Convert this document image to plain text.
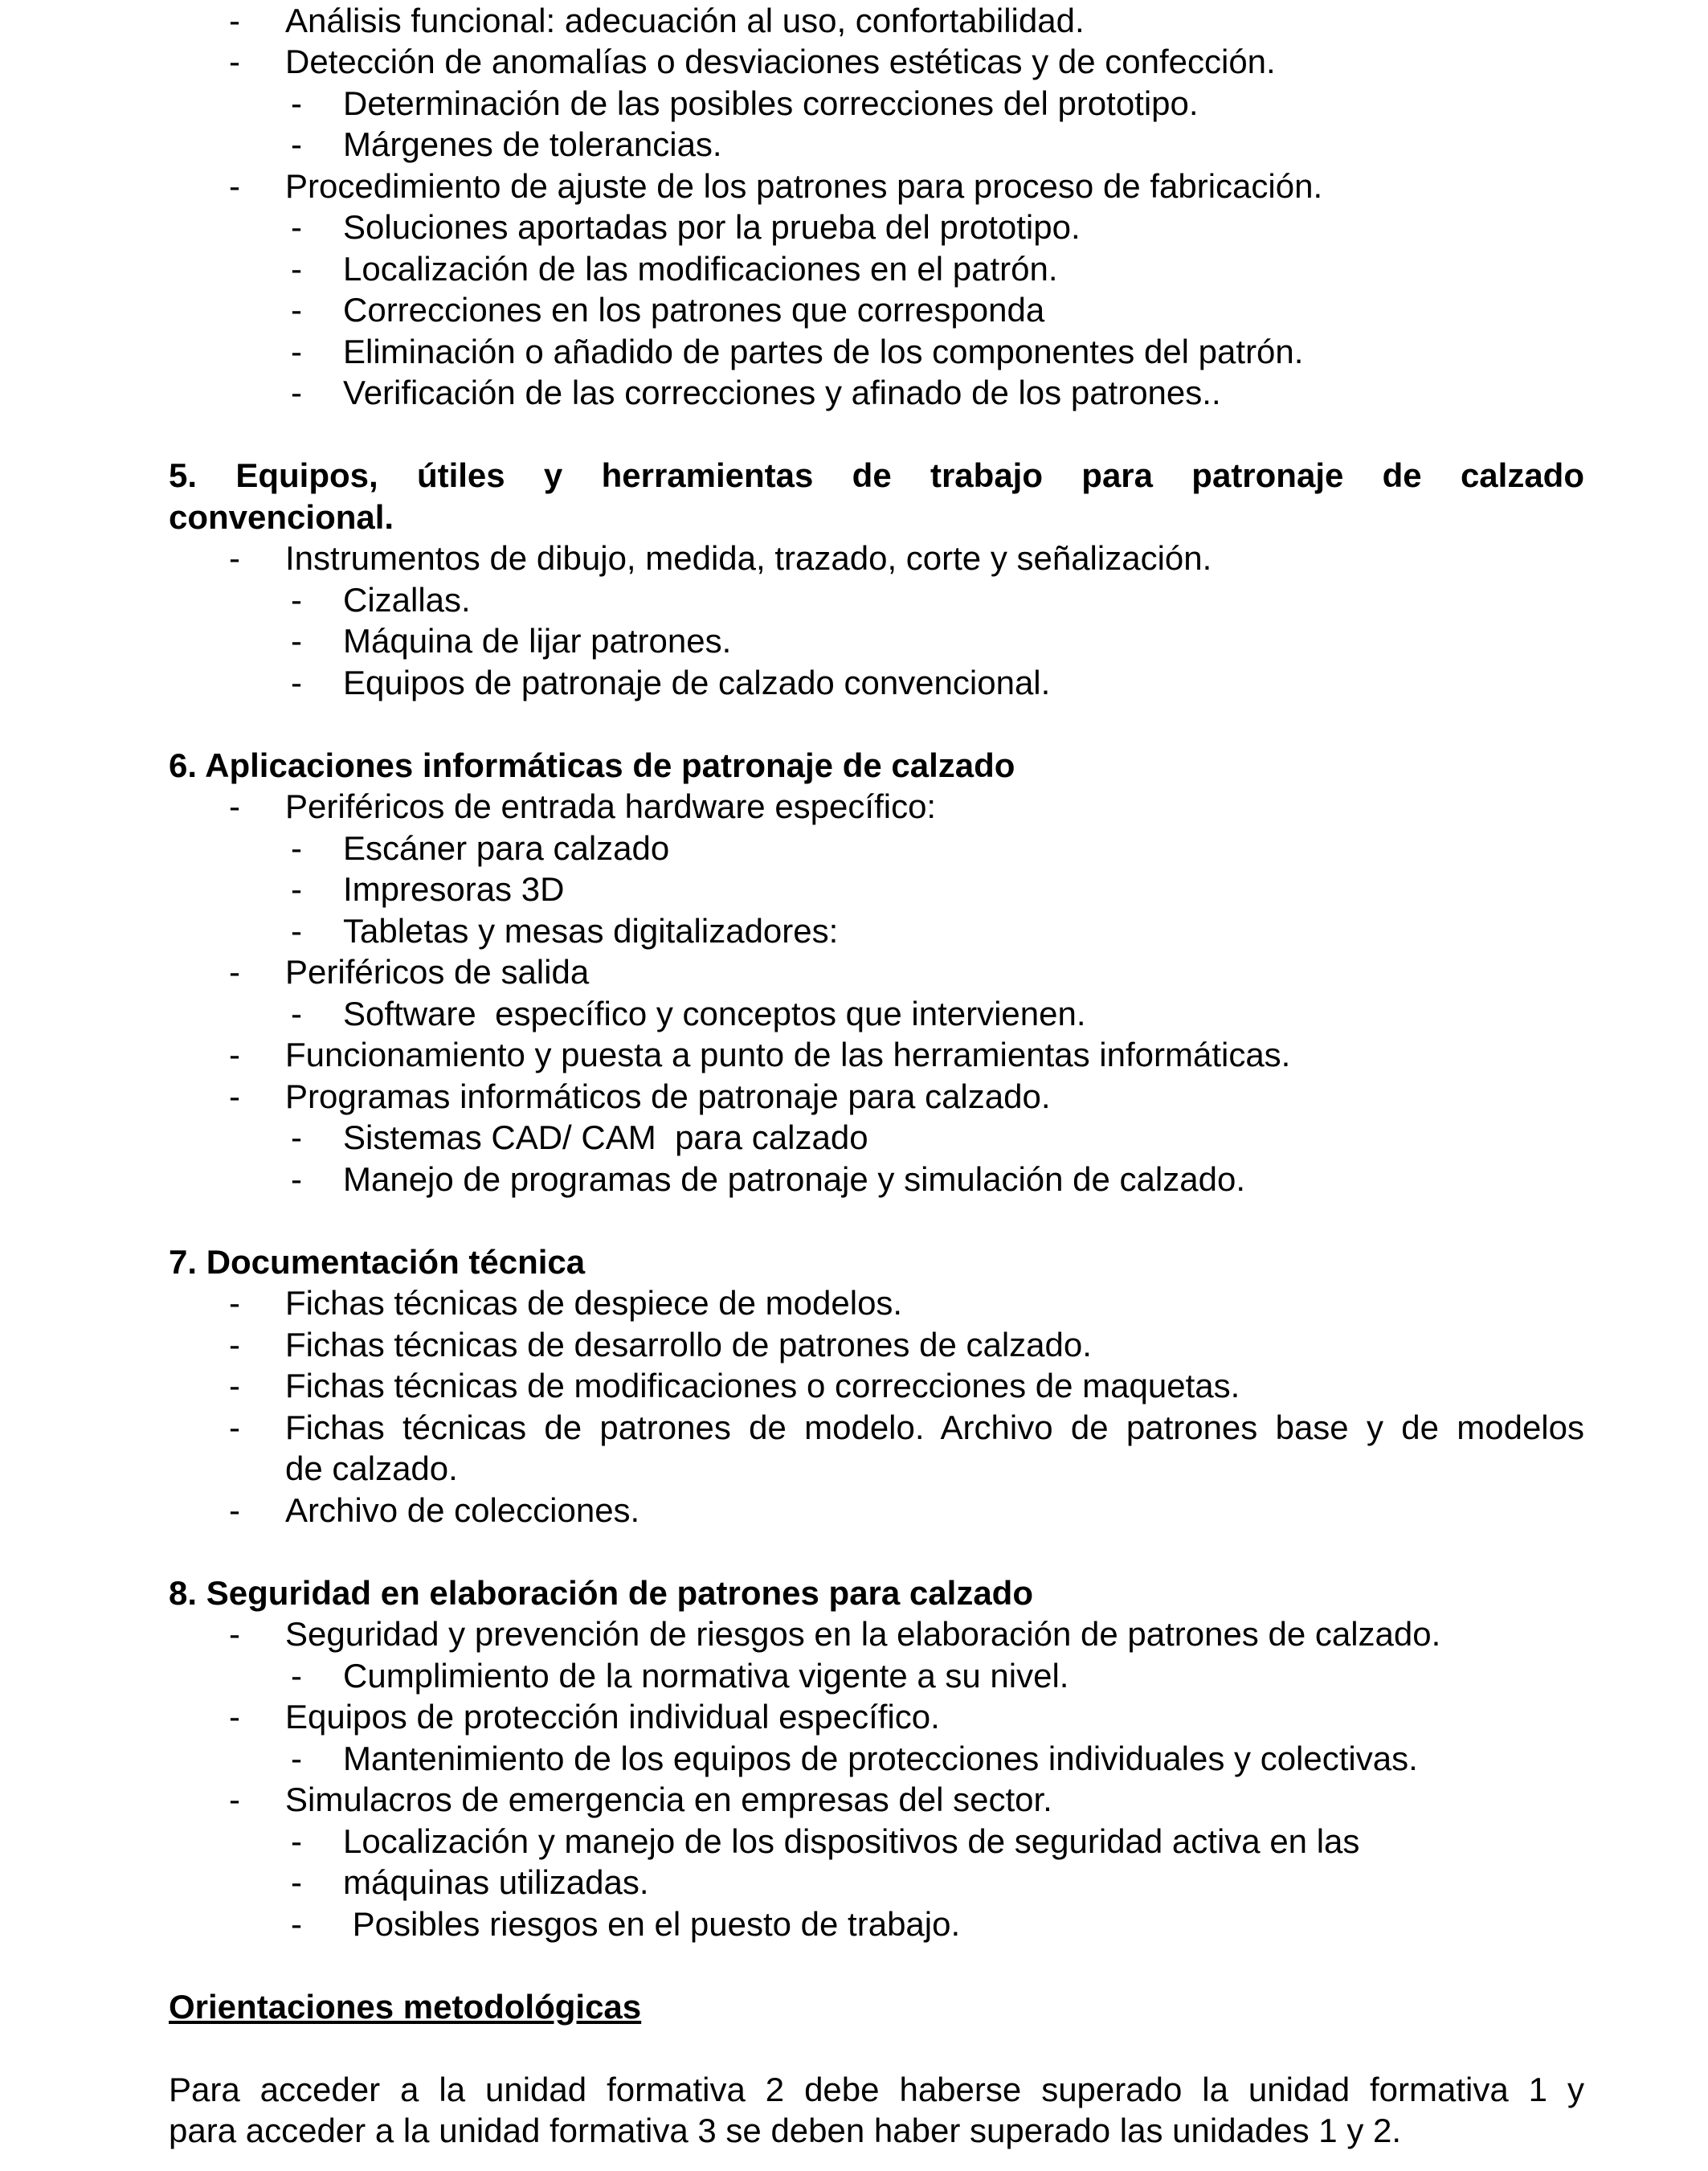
- Análisis funcional: adecuación al uso, confortabilidad.
- Detección de anomalías o desviaciones estéticas y de confección.
- Determinación de las posibles correcciones del prototipo.
- Márgenes de tolerancias.
- Procedimiento de ajuste de los patrones para proceso de fabricación.
- Soluciones aportadas por la prueba del prototipo.
- Localización de las modificaciones en el patrón.
- Correcciones en los patrones que corresponda
- Eliminación o añadido de partes de los componentes del patrón.
- Verificación de las correcciones y afinado de los patrones..
5. Equipos, útiles y herramientas de trabajo para patronaje de calzado
convencional.
- Instrumentos de dibujo, medida, trazado, corte y señalización.
- Cizallas.
- Máquina de lijar patrones.
- Equipos de patronaje de calzado convencional.
6. Aplicaciones informáticas de patronaje de calzado
- Periféricos de entrada hardware específico:
- Escáner para calzado
- Impresoras 3D
- Tabletas y mesas digitalizadores:
- Periféricos de salida
- Software  específico y conceptos que intervienen.
- Funcionamiento y puesta a punto de las herramientas informáticas.
- Programas informáticos de patronaje para calzado.
- Sistemas CAD/ CAM  para calzado
- Manejo de programas de patronaje y simulación de calzado.
7. Documentación técnica
- Fichas técnicas de despiece de modelos.
- Fichas técnicas de desarrollo de patrones de calzado.
- Fichas técnicas de modificaciones o correcciones de maquetas.
- Fichas técnicas de patrones de modelo. Archivo de patrones base y de modelos
de calzado.
- Archivo de colecciones.
8. Seguridad en elaboración de patrones para calzado
- Seguridad y prevención de riesgos en la elaboración de patrones de calzado.
- Cumplimiento de la normativa vigente a su nivel.
- Equipos de protección individual específico.
- Mantenimiento de los equipos de protecciones individuales y colectivas.
- Simulacros de emergencia en empresas del sector.
- Localización y manejo de los dispositivos de seguridad activa en las
- máquinas utilizadas.
- Posibles riesgos en el puesto de trabajo.
Orientaciones metodológicas
Para acceder a la unidad formativa 2 debe haberse superado la unidad formativa 1 y
para acceder a la unidad formativa 3 se deben haber superado las unidades 1 y 2.
